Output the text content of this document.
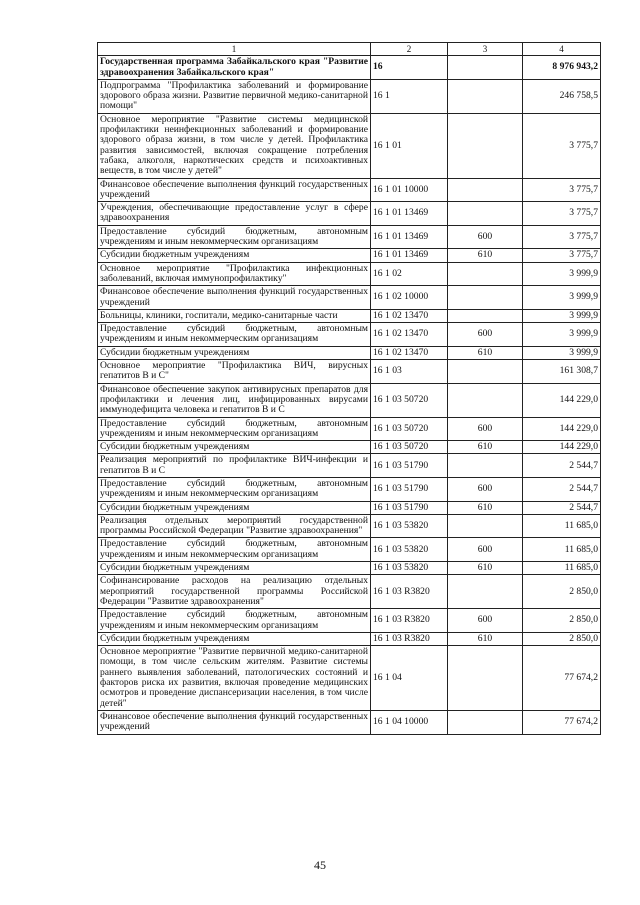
1	2	3	4
Государственная программа Забайкальского края "Развитие здравоохранения Забайкальского края"	16		8 976 943,2
Подпрограмма "Профилактика заболеваний и формирование здорового образа жизни. Развитие первичной медико-санитарной помощи"	16 1		246 758,5
Основное мероприятие "Развитие системы медицинской профилактики неинфекционных заболеваний и формирование здорового образа жизни, в том числе у детей. Профилактика развития зависимостей, включая сокращение потребления табака, алкоголя, наркотических средств и психоактивных веществ, в том числе у детей"	16 1 01		3 775,7
Финансовое обеспечение выполнения функций государственных учреждений	16 1 01 10000		3 775,7
Учреждения, обеспечивающие предоставление услуг в сфере здравоохранения	16 1 01 13469		3 775,7
Предоставление субсидий бюджетным, автономным учреждениям и иным некоммерческим организациям	16 1 01 13469	600	3 775,7
Субсидии бюджетным учреждениям	16 1 01 13469	610	3 775,7
Основное мероприятие "Профилактика инфекционных заболеваний, включая иммунопрофилактику"	16 1 02		3 999,9
Финансовое обеспечение выполнения функций государственных учреждений	16 1 02 10000		3 999,9
Больницы, клиники, госпитали, медико-санитарные части	16 1 02 13470		3 999,9
Предоставление субсидий бюджетным, автономным учреждениям и иным некоммерческим организациям	16 1 02 13470	600	3 999,9
Субсидии бюджетным учреждениям	16 1 02 13470	610	3 999,9
Основное мероприятие "Профилактика ВИЧ, вирусных гепатитов В и С"	16 1 03		161 308,7
Финансовое обеспечение закупок антивирусных препаратов для профилактики и лечения лиц, инфицированных вирусами иммунодефицита человека и гепатитов В и С	16 1 03 50720		144 229,0
Предоставление субсидий бюджетным, автономным учреждениям и иным некоммерческим организациям	16 1 03 50720	600	144 229,0
Субсидии бюджетным учреждениям	16 1 03 50720	610	144 229,0
Реализация мероприятий по профилактике ВИЧ-инфекции и гепатитов В и С	16 1 03 51790		2 544,7
Предоставление субсидий бюджетным, автономным учреждениям и иным некоммерческим организациям	16 1 03 51790	600	2 544,7
Субсидии бюджетным учреждениям	16 1 03 51790	610	2 544,7
Реализация отдельных мероприятий государственной программы Российской Федерации "Развитие здравоохранения"	16 1 03 53820		11 685,0
Предоставление субсидий бюджетным, автономным учреждениям и иным некоммерческим организациям	16 1 03 53820	600	11 685,0
Субсидии бюджетным учреждениям	16 1 03 53820	610	11 685,0
Софинансирование расходов на реализацию отдельных мероприятий государственной программы Российской Федерации "Развитие здравоохранения"	16 1 03 R3820		2 850,0
Предоставление субсидий бюджетным, автономным учреждениям и иным некоммерческим организациям	16 1 03 R3820	600	2 850,0
Субсидии бюджетным учреждениям	16 1 03 R3820	610	2 850,0
Основное мероприятие "Развитие первичной медико-санитарной помощи, в том числе сельским жителям. Развитие системы раннего выявления заболеваний, патологических состояний и факторов риска их развития, включая проведение медицинских осмотров и проведение диспансеризации населения, в том числе детей"	16 1 04		77 674,2
Финансовое обеспечение выполнения функций государственных учреждений	16 1 04 10000		77 674,2
45
